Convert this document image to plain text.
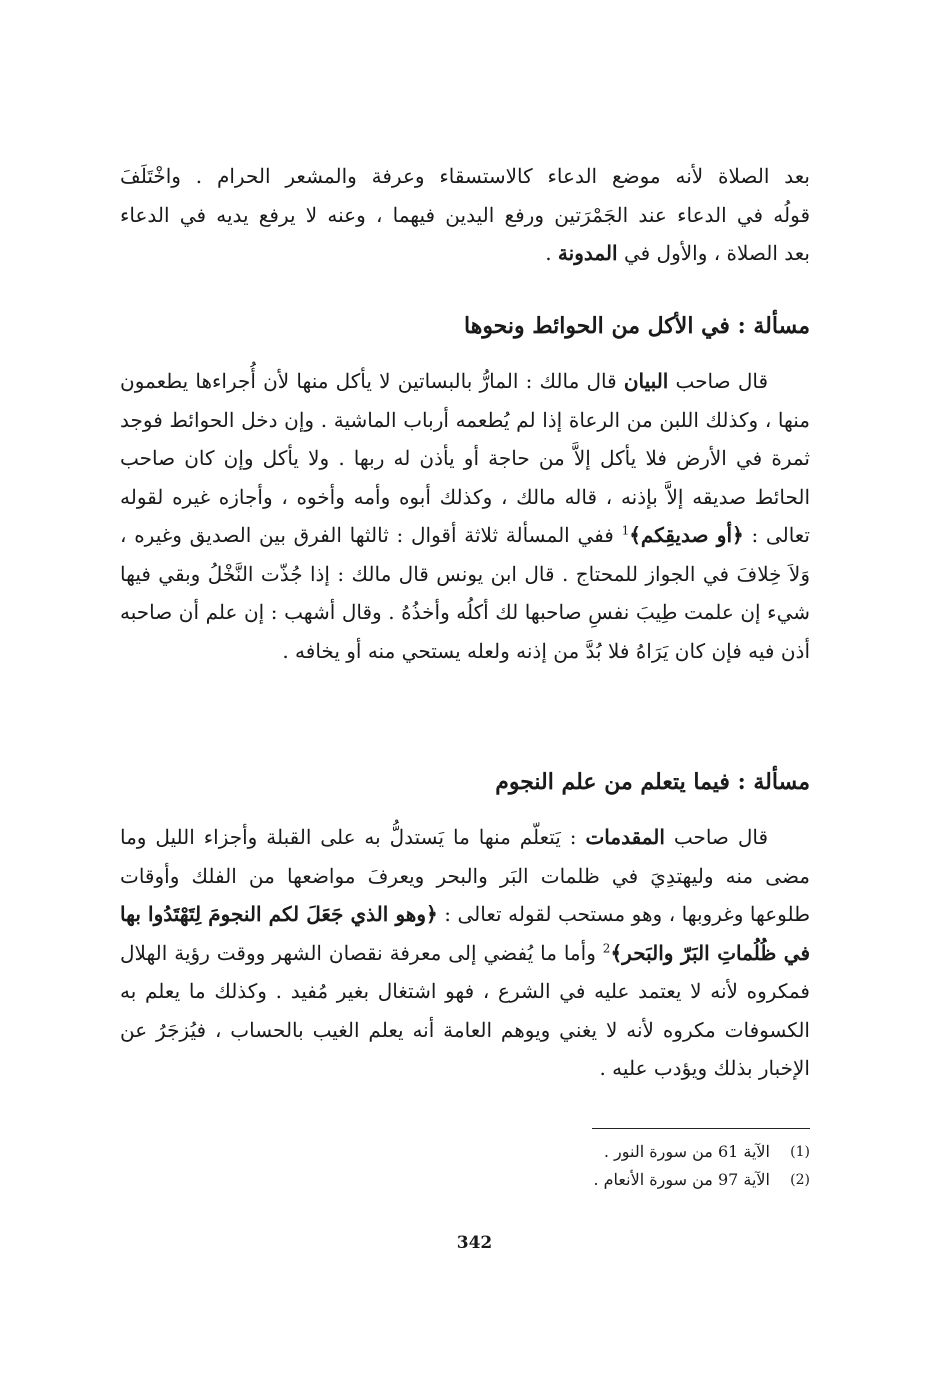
بعد الصلاة لأنه موضع الدعاء كالاستسقاء وعرفة والمشعر الحرام . واخْتَلَفَ

قولُه في الدعاء عند الجَمْرَتين ورفع اليدين فيهما ، وعنه لا يرفع يديه في الدعاء

بعد الصلاة ، والأول في المدونة .

مسألة : في الأكل من الحوائط ونحوها

قال صاحب البيان قال مالك : المارُّ بالبساتين لا يأكل منها لأن أُجراءها يطعمون منها ، وكذلك اللبن من الرعاة إذا لم يُطعمه أرباب الماشية . وإن دخل الحوائط فوجد ثمرة في الأرض فلا يأكل إلاَّ من حاجة أو يأذن له ربها . ولا يأكل وإن كان صاحب الحائط صديقه إلاَّ بإذنه ، قاله مالك ، وكذلك أبوه وأمه وأخوه ، وأجازه غيره لقوله تعالى : ﴿أو صديقِكم﴾$^1$ ففي المسألة ثلاثة أقوال : ثالثها الفرق بين الصديق وغيره ، وَلاَ خِلافَ في الجواز للمحتاج . قال ابن يونس قال مالك : إذا جُذّت النَّخْلُ وبقي فيها شيء إن علمت طِيبَ نفسِ صاحبها لك أكلُه وأخذُهُ . وقال أشهب : إن علم أن صاحبه أذن فيه فإن كان يَرَاهُ فلا بُدَّ من إذنه ولعله يستحي منه أو يخافه .

مسألة : فيما يتعلم من علم النجوم

قال صاحب المقدمات : يَتعلّم منها ما يَستدلُّ به على القبلة وأجزاء الليل وما مضى منه وليهتدِيَ في ظلمات البَر والبحر ويعرفَ مواضعها من الفلك وأوقات طلوعها وغروبها ، وهو مستحب لقوله تعالى : ﴿وهو الذي جَعَلَ لكم النجومَ لِتَهْتَدُوا بها في ظُلُماتِ البَرّ والبَحر﴾$^2$ وأما ما يُفضي إلى معرفة نقصان الشهر ووقت رؤية الهلال فمكروه لأنه لا يعتمد عليه في الشرع ، فهو اشتغال بغير مُفيد . وكذلك ما يعلم به الكسوفات مكروه لأنه لا يغني ويوهم العامة أنه يعلم الغيب بالحساب ، فيُزجَرُ عن الإخبار بذلك ويؤدب عليه .

(1)
الآية 61 من سورة النور .
(2)
الآية 97 من سورة الأنعام .
342
